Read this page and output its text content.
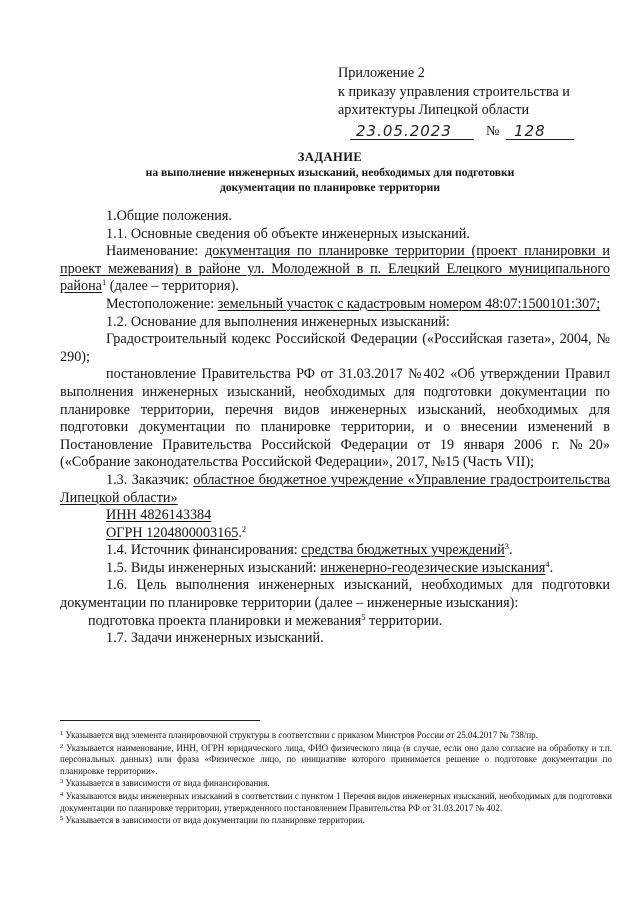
Приложение 2
к приказу управления строительства и
архитектуры Липецкой области
23.05.2023 № 128
ЗАДАНИЕ
на выполнение инженерных изысканий, необходимых для подготовки
документации по планировке территории

1.Общие положения.

1.1. Основные сведения об объекте инженерных изысканий.

Наименование: документация по планировке территории (проект планировки и проект межевания) в районе ул. Молодежной в п. Елецкий Елецкого муниципального района$^1$ (далее – территория).

Местоположение: земельный участок с кадастровым номером 48:07:1500101:307;

1.2. Основание для выполнения инженерных изысканий:

Градостроительный кодекс Российской Федерации («Российская газета», 2004, № 290);

постановление Правительства РФ от 31.03.2017 №402 «Об утверждении Правил выполнения инженерных изысканий, необходимых для подготовки документации по планировке территории, перечня видов инженерных изысканий, необходимых для подготовки документации по планировке территории, и о внесении изменений в Постановление Правительства Российской Федерации от 19 января 2006 г. №20» («Собрание законодательства Российской Федерации», 2017, №15 (Часть VII);

1.3. Заказчик: областное бюджетное учреждение «Управление градостроительства Липецкой области»

ИНН 4826143384

ОГРН 1204800003165.$^2$

1.4. Источник финансирования: средства бюджетных учреждений$^3$.

1.5. Виды инженерных изысканий: инженерно-геодезические изыскания$^4$.

1.6. Цель выполнения инженерных изысканий, необходимых для подготовки документации по планировке территории (далее – инженерные изыскания):

подготовка проекта планировки и межевания$^5$ территории.

1.7. Задачи инженерных изысканий.

$^1$ Указывается вид элемента планировочной структуры в соответствии с приказом Минстроя России от 25.04.2017 № 738/пр.

$^2$ Указывается наименование, ИНН, ОГРН юридического лица, ФИО физического лица (в случае, если оно дало согласие на обработку и т.п. персональных данных) или фраза «Физическое лицо, по инициативе которого принимается решение о подготовке документации по планировке территории».

$^3$ Указывается в зависимости от вида финансирования.

$^4$ Указываются виды инженерных изысканий в соответствии с пунктом 1 Перечня видов инженерных изысканий, необходимых для подготовки документации по планировке территории, утвержденного постановлением Правительства РФ от 31.03.2017 № 402.

$^5$ Указывается в зависимости от вида документации по планировке территории.
